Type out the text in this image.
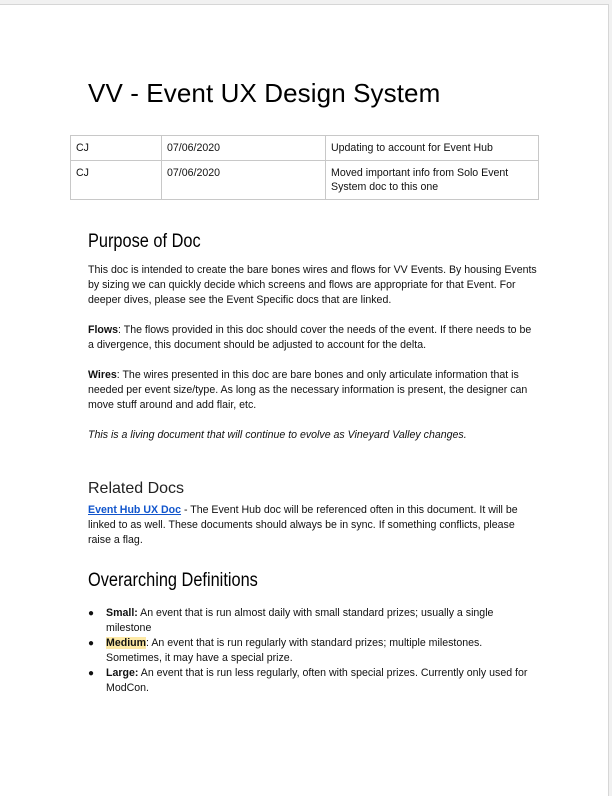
VV - Event UX Design System
CJ	07/06/2020	Updating to account for Event Hub
CJ	07/06/2020	Moved important info from Solo Event System doc to this one
Purpose of Doc

This doc is intended to create the bare bones wires and flows for VV Events. By housing Events by sizing we can quickly decide which screens and flows are appropriate for that Event. For deeper dives, please see the Event Specific docs that are linked.

Flows: The flows provided in this doc should cover the needs of the event. If there needs to be a divergence, this document should be adjusted to account for the delta.

Wires: The wires presented in this doc are bare bones and only articulate information that is needed per event size/type. As long as the necessary information is present, the designer can move stuff around and add flair, etc.

This is a living document that will continue to evolve as Vineyard Valley changes.

Related Docs

Event Hub UX Doc - The Event Hub doc will be referenced often in this document. It will be linked to as well. These documents should always be in sync. If something conflicts, please raise a flag.

Overarching Definitions
● Small: An event that is run almost daily with small standard prizes; usually a single milestone
● Medium: An event that is run regularly with standard prizes; multiple milestones. Sometimes, it may have a special prize.
● Large: An event that is run less regularly, often with special prizes. Currently only used for ModCon.
